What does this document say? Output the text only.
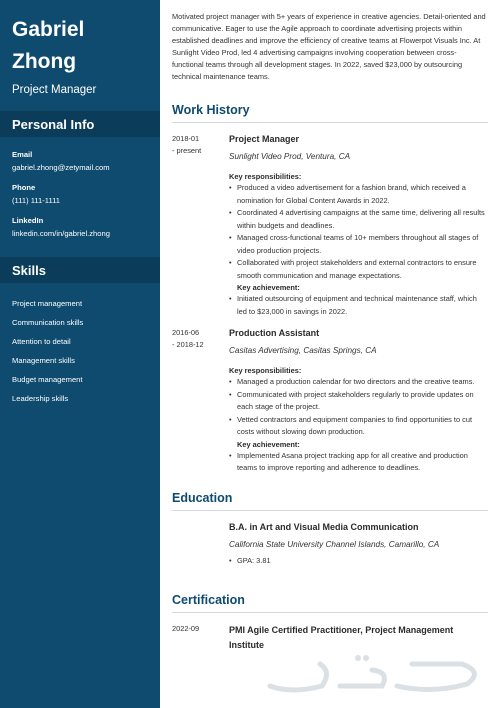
Gabriel
Zhong
Project Manager
Personal Info
Email
gabriel.zhong@zetymail.com
Phone
(111) 111-1111
LinkedIn
linkedin.com/in/gabriel.zhong
Skills
Project management
Communication skills
Attention to detail
Management skills
Budget management
Leadership skills

Motivated project manager with 5+ years of experience in creative agencies. Detail-oriented and communicative. Eager to use the Agile approach to coordinate advertising projects within established deadlines and improve the efficiency of creative teams at Flowerpot Visuals Inc. At Sunlight Video Prod, led 4 advertising campaigns involving cooperation between cross-functional teams through all development stages. In 2022, saved $23,000 by outsourcing technical maintenance teams.

Work History
2018-01
- present
Project Manager
Sunlight Video Prod, Ventura, CA
Key responsibilities:
• Produced a video advertisement for a fashion brand, which received a nomination for Global Content Awards in 2022.
• Coordinated 4 advertising campaigns at the same time, delivering all results within budgets and deadlines.
• Managed cross-functional teams of 10+ members throughout all stages of video production projects.
• Collaborated with project stakeholders and external contractors to ensure smooth communication and manage expectations.
Key achievement:
• Initiated outsourcing of equipment and technical maintenance staff, which led to $23,000 in savings in 2022.
2016-06
- 2018-12
Production Assistant
Casitas Advertising, Casitas Springs, CA
Key responsibilities:
• Managed a production calendar for two directors and the creative teams.
• Communicated with project stakeholders regularly to provide updates on each stage of the project.
• Vetted contractors and equipment companies to find opportunities to cut costs without slowing down production.
Key achievement:
• Implemented Asana project tracking app for all creative and production teams to improve reporting and adherence to deadlines.
Education
B.A. in Art and Visual Media Communication
California State University Channel Islands, Camarillo, CA
• GPA: 3.81
Certification
2022-09	PMI Agile Certified Practitioner, Project Management Institute
